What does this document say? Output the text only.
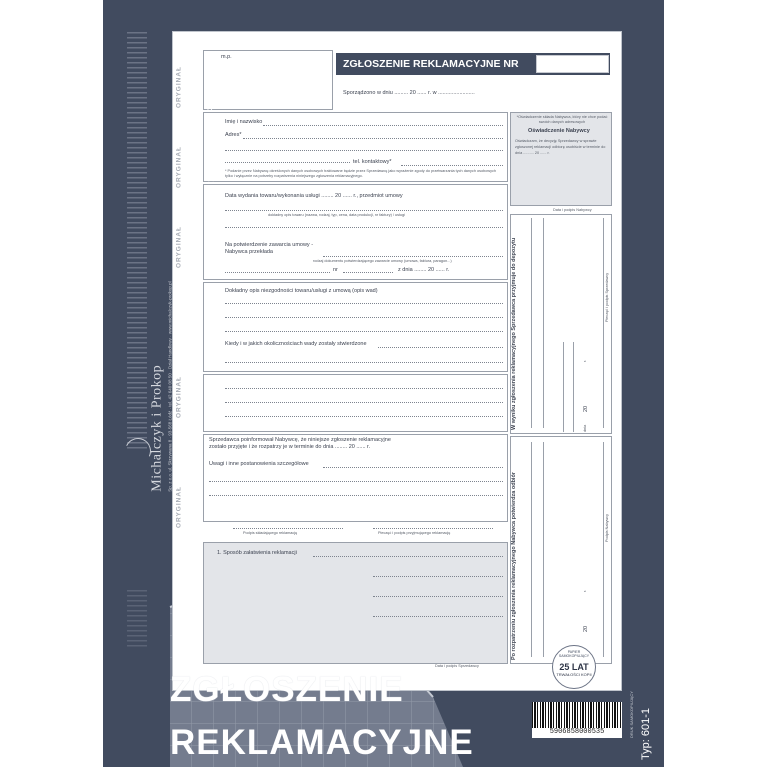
Michalczyk i Prokop Sp. z o.o. ul. Skrzywana 8 · 93-568 Łódź · tel. 42 640 08 50 · Dział Handlowy · www.michalczyk-prokop.pl
ORYGINAŁ
ORYGINAŁ
ORYGINAŁ
ORYGINAŁ
ORYGINAŁ
m.p.
ZGŁOSZENIE REKLAMACYJNE NR
Sporządzono w dniu ......... 20 ...... r. w ........................
Imię i nazwisko
Adres*
tel. kontaktowy*
* Podanie przez Nabywcę określonych danych osobowych traktowane będzie przez Sprzedawcę jako wyrażenie zgody do przetwarzania tych danych osobowych tylko i wyłącznie na potrzeby rozpatrzenia niniejszego zgłoszenia reklamacyjnego.
*Oświadczenie składa Nabywca, który nie chce podać swoich danych adresowych
Oświadczenie Nabywcy
Oświadczam, że decyzję Sprzedawcy w sprawie zgłoszonej reklamacji odbiorę osobiście w terminie do dnia .......... 20 ...... r.
Data i podpis Nabywcy
Data wydania towaru/wykonania usługi ........ 20 ...... r., przedmiot umowy
dokładny opis towaru (nazwa, rodzaj, typ, cena, data produkcji, nr faktury) / usługi
Na potwierdzenie zawarcia umowy - Nabywca przekłada
rodzaj dokumentu potwierdzającego zawarcie umowy (umowa, faktura, paragon...)
nr	z dnia ........ 20 ...... r.
Dokładny opis niezgodności towaru/usługi z umową (opis wad)
Kiedy i w jakich okolicznościach wady zostały stwierdzone
Sprzedawca poinformował Nabywcę, że niniejsze zgłoszenie reklamacyjne zostało przyjęte i że rozpatrzy je w terminie do dnia ........ 20 ...... r.
Uwagi i inne postanowienia szczegółowe
Podpis składającego reklamację	Pieczęć i podpis przyjmującego reklamację
1. Sposób załatwienia reklamacji
Data i podpis Sprzedawcy
W wyniku zgłoszenia reklamacyjnego Sprzedawca przyjmuje do depozytu	Pieczęć i podpis Sprzedawcy
20
r.
dnia
Po rozpatrzeniu zgłoszenia reklamacyjnego Nabywca potwierdza odbiór	Podpis Nabywcy
20
r.
PAPIER SAMOKOPIUJĄCY
25 LAT
TRWAŁOŚCI KOPII
ZGŁOSZENIE
REKLAMACYJNE	5906858000535	DRUK SAMOKOPIUJĄCY Typ: 601-1
